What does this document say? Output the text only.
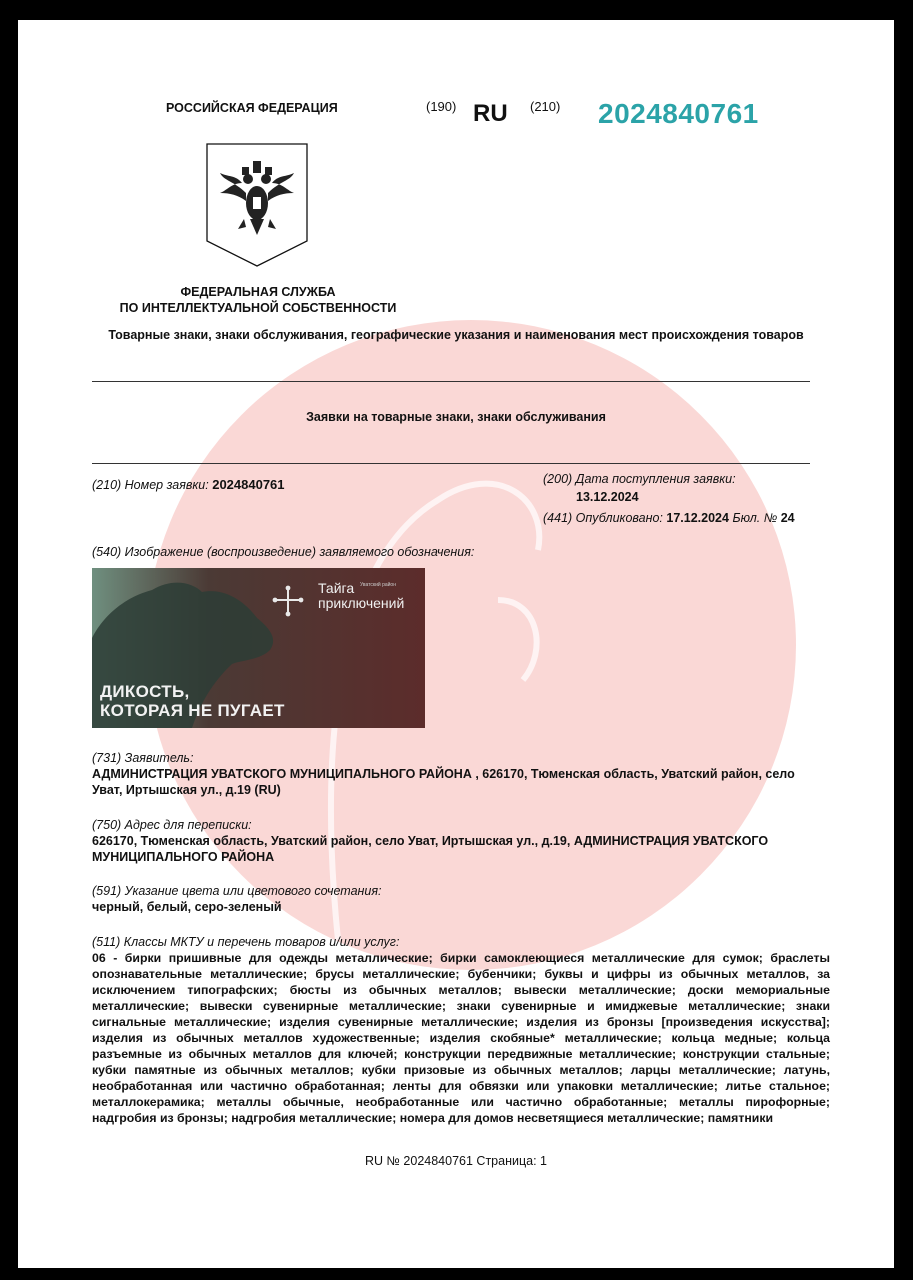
РОССИЙСКАЯ ФЕДЕРАЦИЯ	(190) RU (210) 2024840761
ФЕДЕРАЛЬНАЯ СЛУЖБА
ПО ИНТЕЛЛЕКТУАЛЬНОЙ СОБСТВЕННОСТИ
Товарные знаки, знаки обслуживания, географические указания и наименования мест происхождения товаров
Заявки на товарные знаки, знаки обслуживания
(210) Номер заявки: 2024840761	(200) Дата поступления заявки:
13.12.2024
(441) Опубликовано: 17.12.2024 Бюл. № 24
(540) Изображение (воспроизведение) заявляемого обозначения:
Тайга
приключений
Уватский район
ДИКОСТЬ,
КОТОРАЯ НЕ ПУГАЕТ
(731) Заявитель:
АДМИНИСТРАЦИЯ УВАТСКОГО МУНИЦИПАЛЬНОГО РАЙОНА , 626170, Тюменская область, Уватский район, село
Уват, Иртышская ул., д.19 (RU)
(750) Адрес для переписки:
626170, Тюменская область, Уватский район, село Уват, Иртышская ул., д.19, АДМИНИСТРАЦИЯ УВАТСКОГО
МУНИЦИПАЛЬНОГО РАЙОНА
(591) Указание цвета или цветового сочетания:
черный, белый, серо-зеленый
(511) Классы МКТУ и перечень товаров и/или услуг:
06 - бирки пришивные для одежды металлические; бирки самоклеющиеся металлические для сумок; браслеты опознавательные металлические; брусы металлические; бубенчики; буквы и цифры из обычных металлов, за исключением типографских; бюсты из обычных металлов; вывески металлические; доски мемориальные металлические; вывески сувенирные металлические; знаки сувенирные и имиджевые металлические; знаки сигнальные металлические; изделия сувенирные металлические; изделия из бронзы [произведения искусства]; изделия из обычных металлов художественные; изделия скобяные* металлические; кольца медные; кольца разъемные из обычных металлов для ключей; конструкции передвижные металлические; конструкции стальные; кубки памятные из обычных металлов; кубки призовые из обычных металлов; ларцы металлические; латунь, необработанная или частично обработанная; ленты для обвязки или упаковки металлические; литье стальное; металлокерамика; металлы обычные, необработанные или частично обработанные; металлы пирофорные; надгробия из бронзы; надгробия металлические; номера для домов несветящиеся металлические; памятники
RU № 2024840761 Страница: 1
